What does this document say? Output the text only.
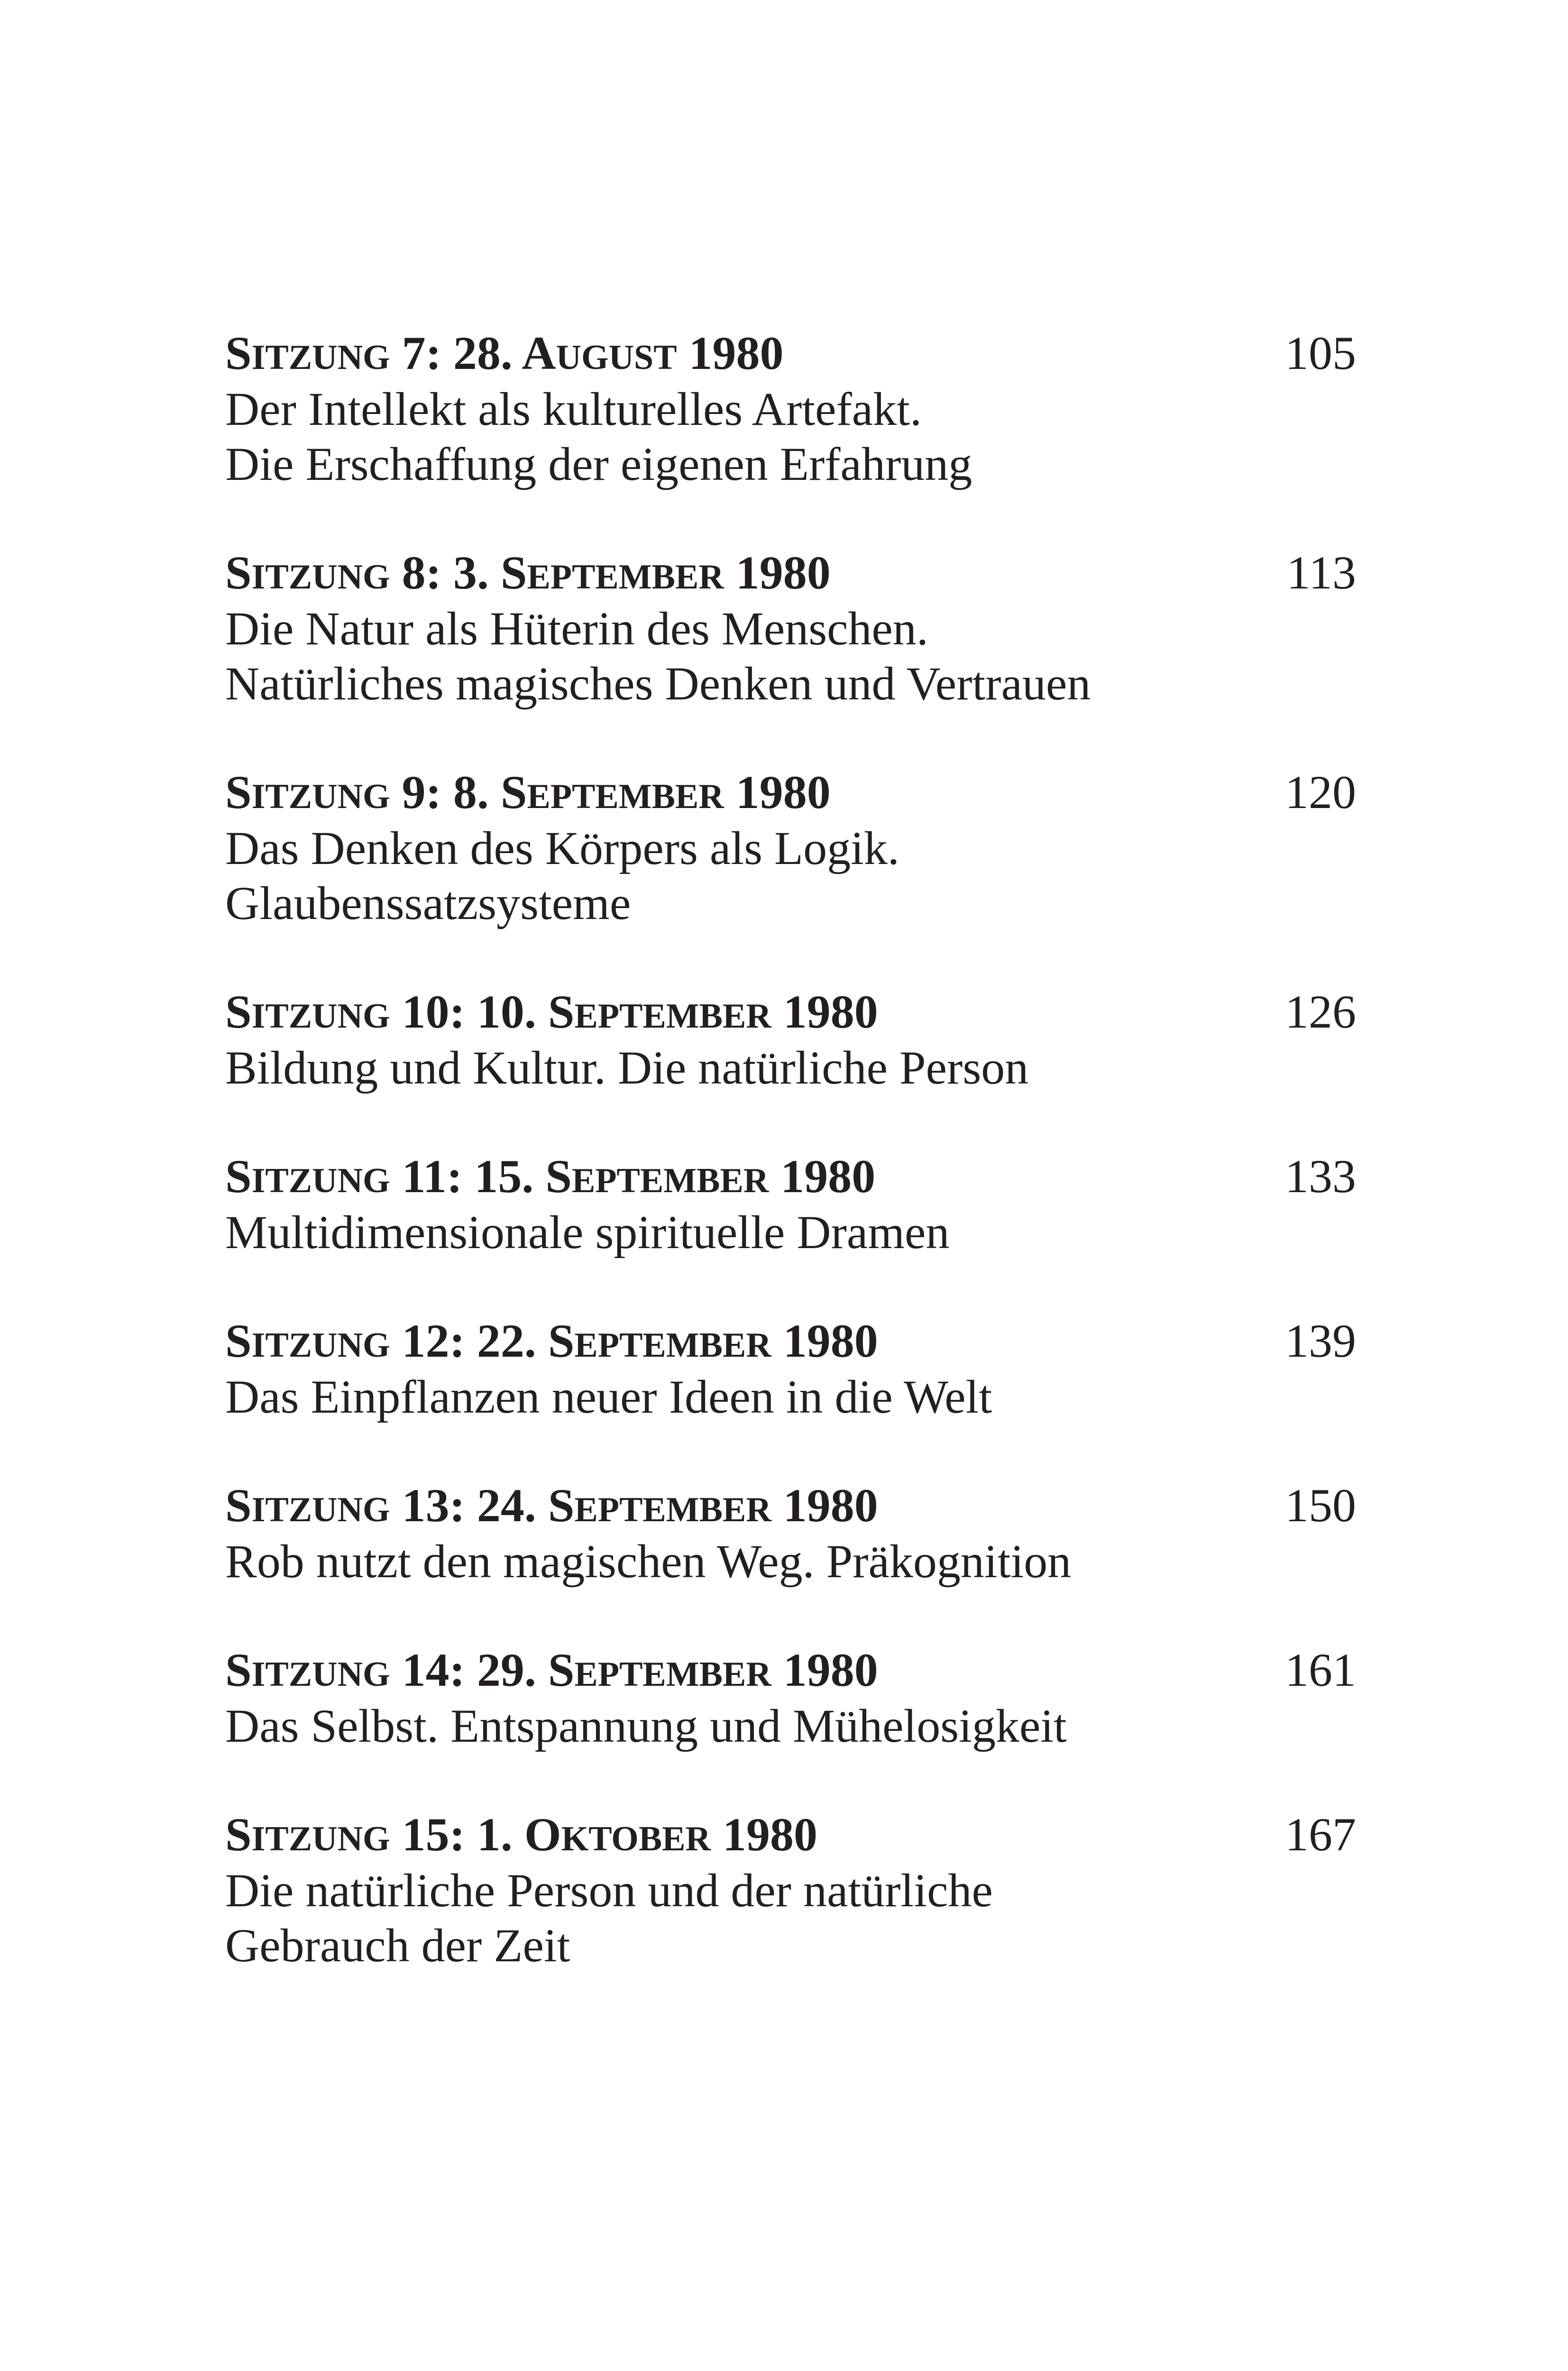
SITZUNG 7: 28. AUGUST 1980	105
Der Intellekt als kulturelles Artefakt.
Die Erschaffung der eigenen Erfahrung
SITZUNG 8: 3. SEPTEMBER 1980	113
Die Natur als Hüterin des Menschen.
Natürliches magisches Denken und Vertrauen
SITZUNG 9: 8. SEPTEMBER 1980	120
Das Denken des Körpers als Logik.
Glaubenssatzsysteme
SITZUNG 10: 10. SEPTEMBER 1980	126
Bildung und Kultur. Die natürliche Person
SITZUNG 11: 15. SEPTEMBER 1980	133
Multidimensionale spirituelle Dramen
SITZUNG 12: 22. SEPTEMBER 1980	139
Das Einpflanzen neuer Ideen in die Welt
SITZUNG 13: 24. SEPTEMBER 1980	150
Rob nutzt den magischen Weg. Präkognition
SITZUNG 14: 29. SEPTEMBER 1980	161
Das Selbst. Entspannung und Mühelosigkeit
SITZUNG 15: 1. OKTOBER 1980	167
Die natürliche Person und der natürliche
Gebrauch der Zeit
